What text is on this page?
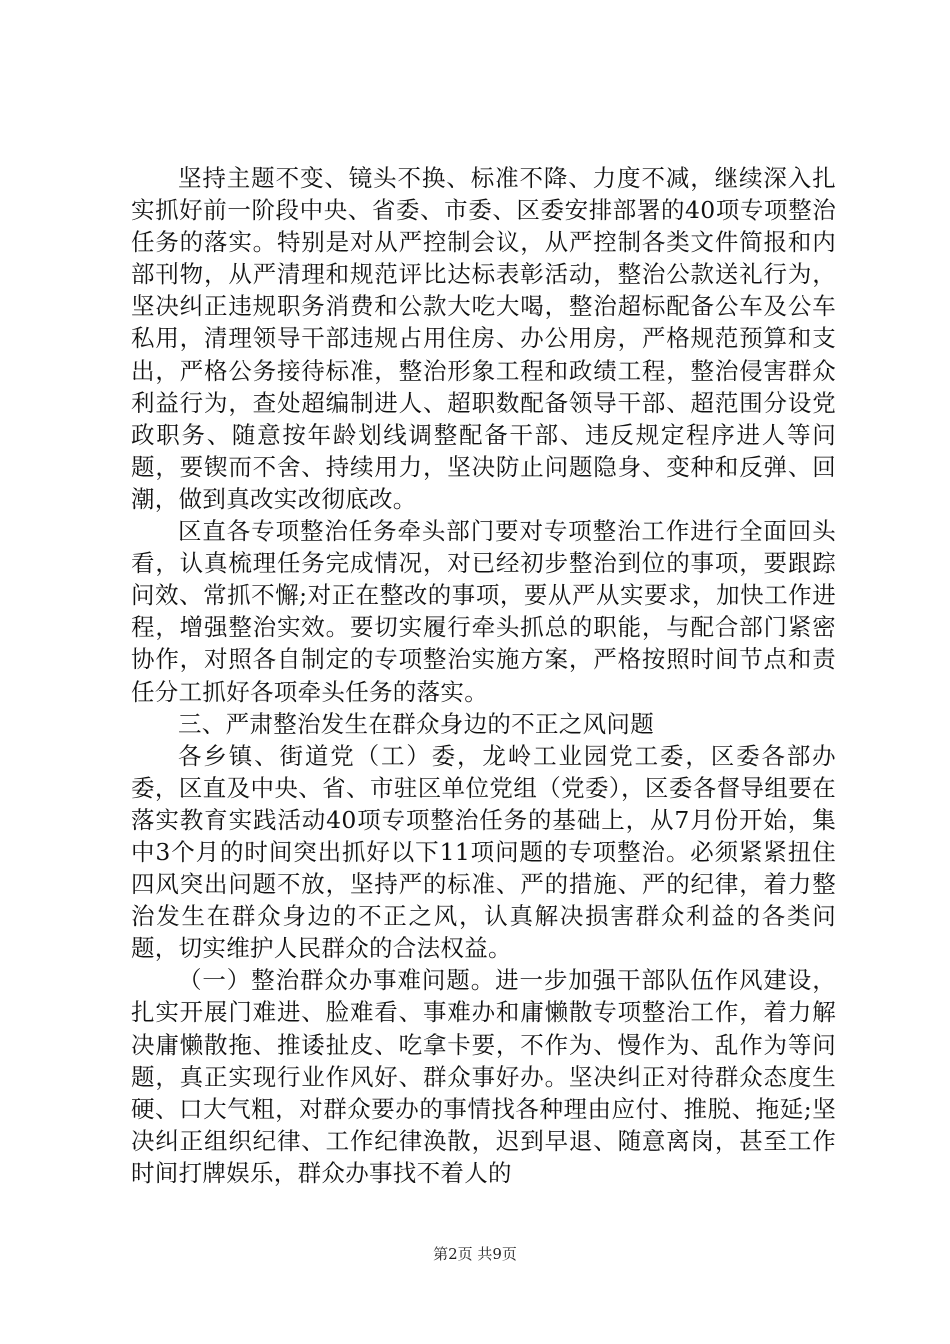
坚持主题不变、镜头不换、标准不降、力度不减，继续深入扎实抓好前一阶段中央、省委、市委、区委安排部署的40项专项整治任务的落实。特别是对从严控制会议，从严控制各类文件简报和内部刊物，从严清理和规范评比达标表彰活动，整治公款送礼行为，坚决纠正违规职务消费和公款大吃大喝，整治超标配备公车及公车私用，清理领导干部违规占用住房、办公用房，严格规范预算和支出，严格公务接待标准，整治形象工程和政绩工程，整治侵害群众利益行为，查处超编制进人、超职数配备领导干部、超范围分设党政职务、随意按年龄划线调整配备干部、违反规定程序进人等问题，要锲而不舍、持续用力，坚决防止问题隐身、变种和反弹、回潮，做到真改实改彻底改。

区直各专项整治任务牵头部门要对专项整治工作进行全面回头看，认真梳理任务完成情况，对已经初步整治到位的事项，要跟踪问效、常抓不懈;对正在整改的事项，要从严从实要求，加快工作进程，增强整治实效。要切实履行牵头抓总的职能，与配合部门紧密协作，对照各自制定的专项整治实施方案，严格按照时间节点和责任分工抓好各项牵头任务的落实。

三、严肃整治发生在群众身边的不正之风问题

各乡镇、街道党（工）委，龙岭工业园党工委，区委各部办委，区直及中央、省、市驻区单位党组（党委），区委各督导组要在落实教育实践活动40项专项整治任务的基础上，从7月份开始，集中3个月的时间突出抓好以下11项问题的专项整治。必须紧紧扭住四风突出问题不放，坚持严的标准、严的措施、严的纪律，着力整治发生在群众身边的不正之风，认真解决损害群众利益的各类问题，切实维护人民群众的合法权益。

（一）整治群众办事难问题。进一步加强干部队伍作风建设，扎实开展门难进、脸难看、事难办和庸懒散专项整治工作，着力解决庸懒散拖、推诿扯皮、吃拿卡要，不作为、慢作为、乱作为等问题，真正实现行业作风好、群众事好办。坚决纠正对待群众态度生硬、口大气粗，对群众要办的事情找各种理由应付、推脱、拖延;坚决纠正组织纪律、工作纪律涣散，迟到早退、随意离岗，甚至工作时间打牌娱乐，群众办事找不着人的

第2页 共9页
